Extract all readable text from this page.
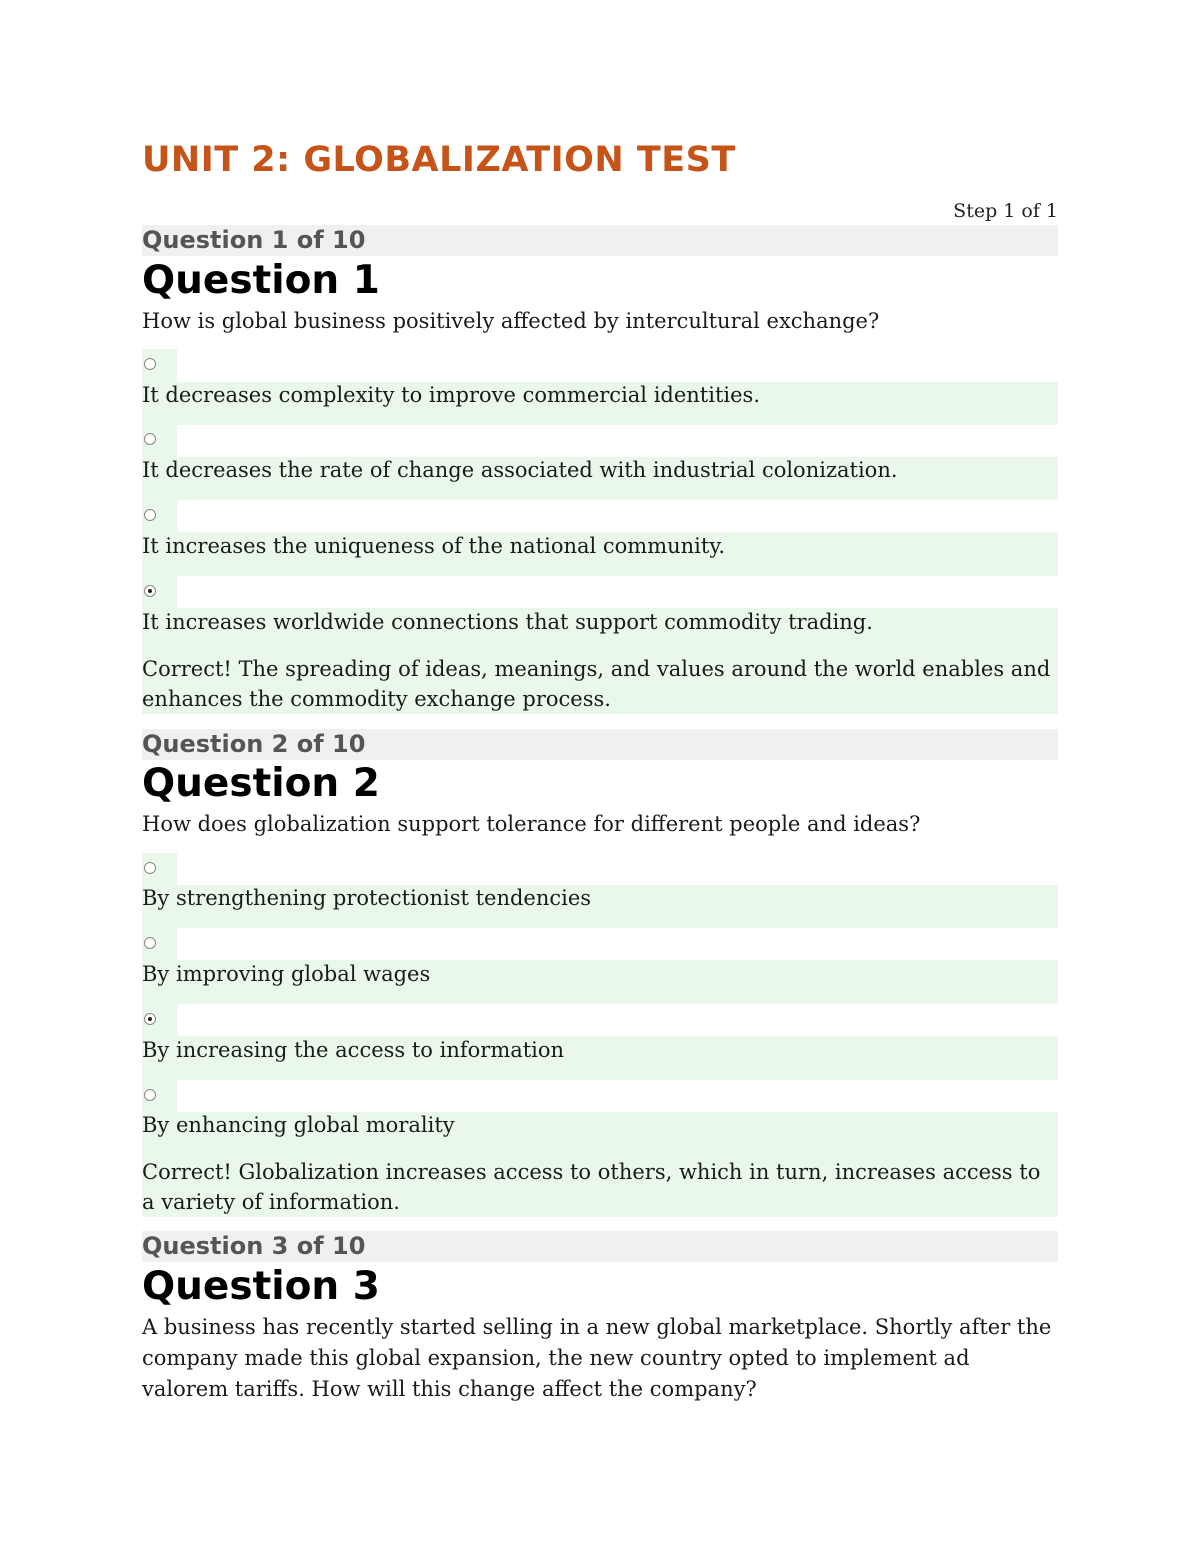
UNIT 2: GLOBALIZATION TEST
Step 1 of 1
Question 1 of 10
Question 1
How is global business positively affected by intercultural exchange?
It decreases complexity to improve commercial identities.
It decreases the rate of change associated with industrial colonization.
It increases the uniqueness of the national community.
It increases worldwide connections that support commodity trading.
Correct! The spreading of ideas, meanings, and values around the world enables and enhances the commodity exchange process.
Question 2 of 10
Question 2
How does globalization support tolerance for different people and ideas?
By strengthening protectionist tendencies
By improving global wages
By increasing the access to information
By enhancing global morality
Correct! Globalization increases access to others, which in turn, increases access to a variety of information.
Question 3 of 10
Question 3
A business has recently started selling in a new global marketplace. Shortly after the company made this global expansion, the new country opted to implement ad valorem tariffs. How will this change affect the company?
